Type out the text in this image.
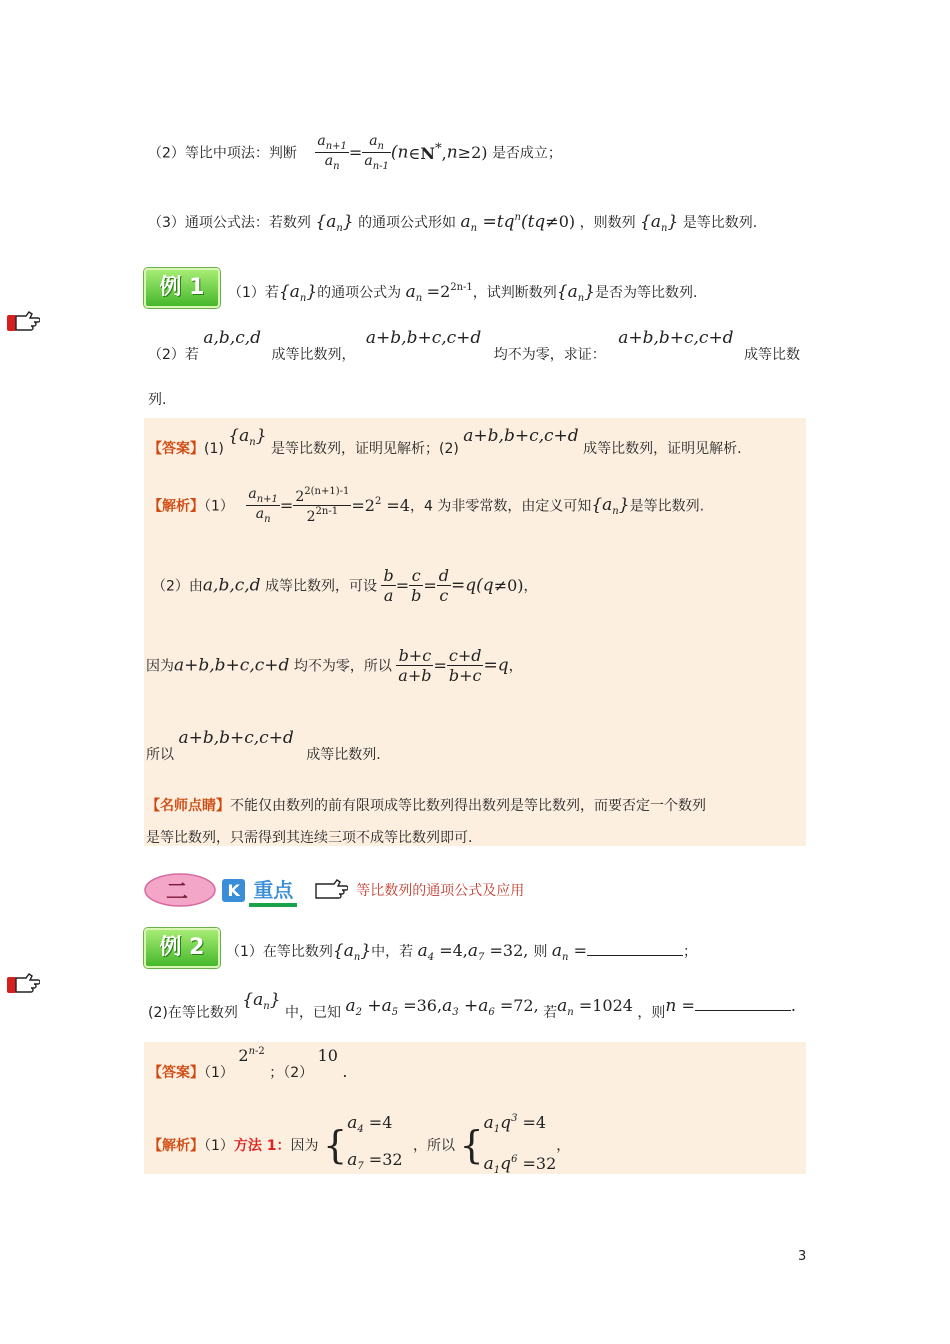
（2）等比中项法：判断 $\frac{a_{n+1}}{a_n} = \frac{a_n}{a_{n-1}}$ (n∈N*,n≥2) 是否成立；
（3）通项公式法：若数列 $\{a_n\}$ 的通项公式形如 $a_n =tq^n(tq\ne 0)$ ，则数列 $\{a_n\}$ 是等比数列.
例 1	（1）若$\{a_n\}$的通项公式为 $a_n =2^{2n-1}$，试判断数列$\{a_n\}$是否为等比数列.
（2）若 a,b,c,d 成等比数列， a+b,b+c,c+d 均不为零，求证： a+b,b+c,c+d 成等比数
列.
【答案】(1) $\{a_n\}$ 是等比数列，证明见解析；(2) a+b,b+c,c+d 成等比数列，证明见解析.
【解析】$(1) \frac{a_{n+1}}{a_n} = \frac{2^{2(n+1)-1}}{2^{2n-1}} =2^2 =4$，4 为非零常数，由定义可知$\{a_n\}$是等比数列.
（2）由a,b,c,d 成等比数列，可设 $\frac{b}{a} = \frac{c}{b} = \frac{d}{c} =q(q\ne 0)$，
因为a+b,b+c,c+d 均不为零，所以 $\frac{b+c}{a+b} = \frac{c+d}{b+c} =q$，
所以 a+b,b+c,c+d 成等比数列.
【名师点睛】不能仅由数列的前有限项成等比数列得出数列是等比数列，而要否定一个数列
是等比数列，只需得到其连续三项不成等比数列即可.

二 K 重点	等比数列的通项公式及应用
例 2	（1）在等比数列$\{a_n\}$中，若 $a_4 =4,a_7 =32$, 则 $a_n$ =	；
(2)在等比数列 $\{a_n\}$ 中，已知 $a_2 +a_5 =36,a_3 +a_6 =72$, 若$a_n =1024$ ，则n =	.
【答案】（1） 2$^{n-2}$ ；（2） 10 .
【解析】（1）方法 1：因为 {$a_4 =4$
$a_7 =32$ ，所以 {$a_1q^3 =4$
$a_1q^6 =32$，
3
